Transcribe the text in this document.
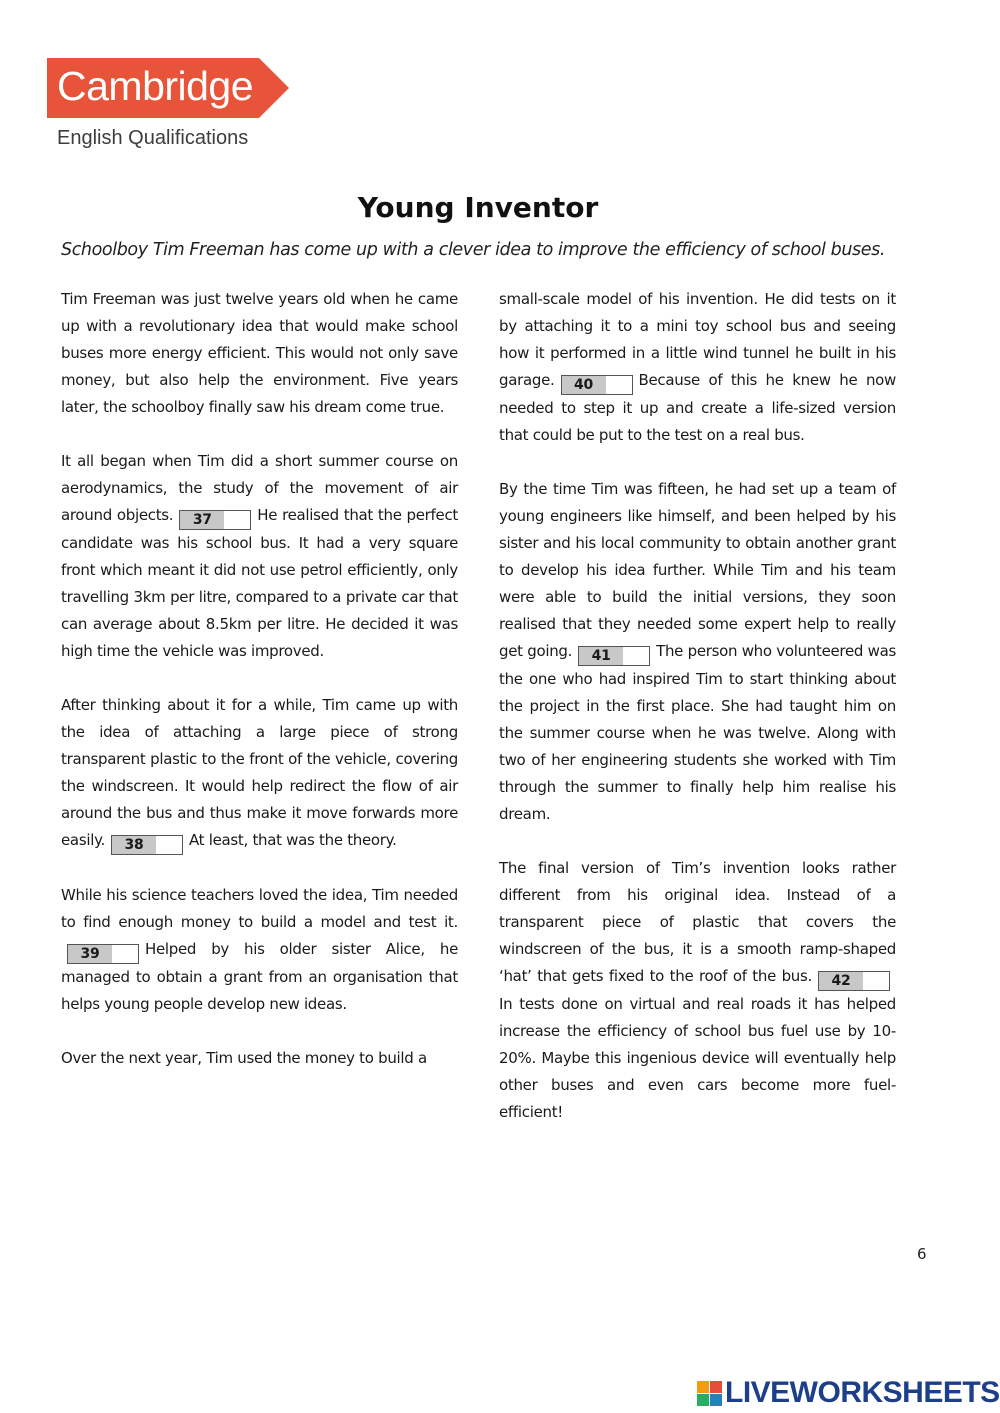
Cambridge
English Qualifications
Young Inventor
Schoolboy Tim Freeman has come up with a clever idea to improve the efficiency of school buses.

Tim Freeman was just twelve years old when he came up with a revolutionary idea that would make school buses more energy efficient. This would not only save money, but also help the environment. Five years later, the schoolboy finally saw his dream come true.

It all began when Tim did a short summer course on aerodynamics, the study of the movement of air around objects. 37	He realised that the perfect candidate was his school bus. It had a very square front which meant it did not use petrol efficiently, only travelling 3km per litre, compared to a private car that can average about 8.5km per litre. He decided it was high time the vehicle was improved.

After thinking about it for a while, Tim came up with the idea of attaching a large piece of strong transparent plastic to the front of the vehicle, covering the windscreen. It would help redirect the flow of air around the bus and thus make it move forwards more easily. 38	At least, that was the theory.

While his science teachers loved the idea, Tim needed to find enough money to build a model and test it.39	Helped by his older sister Alice, he managed to obtain a grant from an organisation that helps young people develop new ideas.

Over the next year, Tim used the money to build a

small-scale model of his invention. He did tests on it by attaching it to a mini toy school bus and seeing how it performed in a little wind tunnel he built in his garage. 40	Because of this he knew he now needed to step it up and create a life-sized version that could be put to the test on a real bus.

By the time Tim was fifteen, he had set up a team of young engineers like himself, and been helped by his sister and his local community to obtain another grant to develop his idea further. While Tim and his team were able to build the initial versions, they soon realised that they needed some expert help to really get going. 41	The person who volunteered was the one who had inspired Tim to start thinking about the project in the first place. She had taught him on the summer course when he was twelve. Along with two of her engineering students she worked with Tim through the summer to finally help him realise his dream.

The final version of Tim’s invention looks rather different from his original idea. Instead of a transparent piece of plastic that covers the windscreen of the bus, it is a smooth ramp-shaped ‘hat’ that gets fixed to the roof of the bus. 42In tests done on virtual and real roads it has helped increase the efficiency of school bus fuel use by 10-20%. Maybe this ingenious device will eventually help other buses and even cars become more fuel-efficient!

6
LIVEWORKSHEETS
